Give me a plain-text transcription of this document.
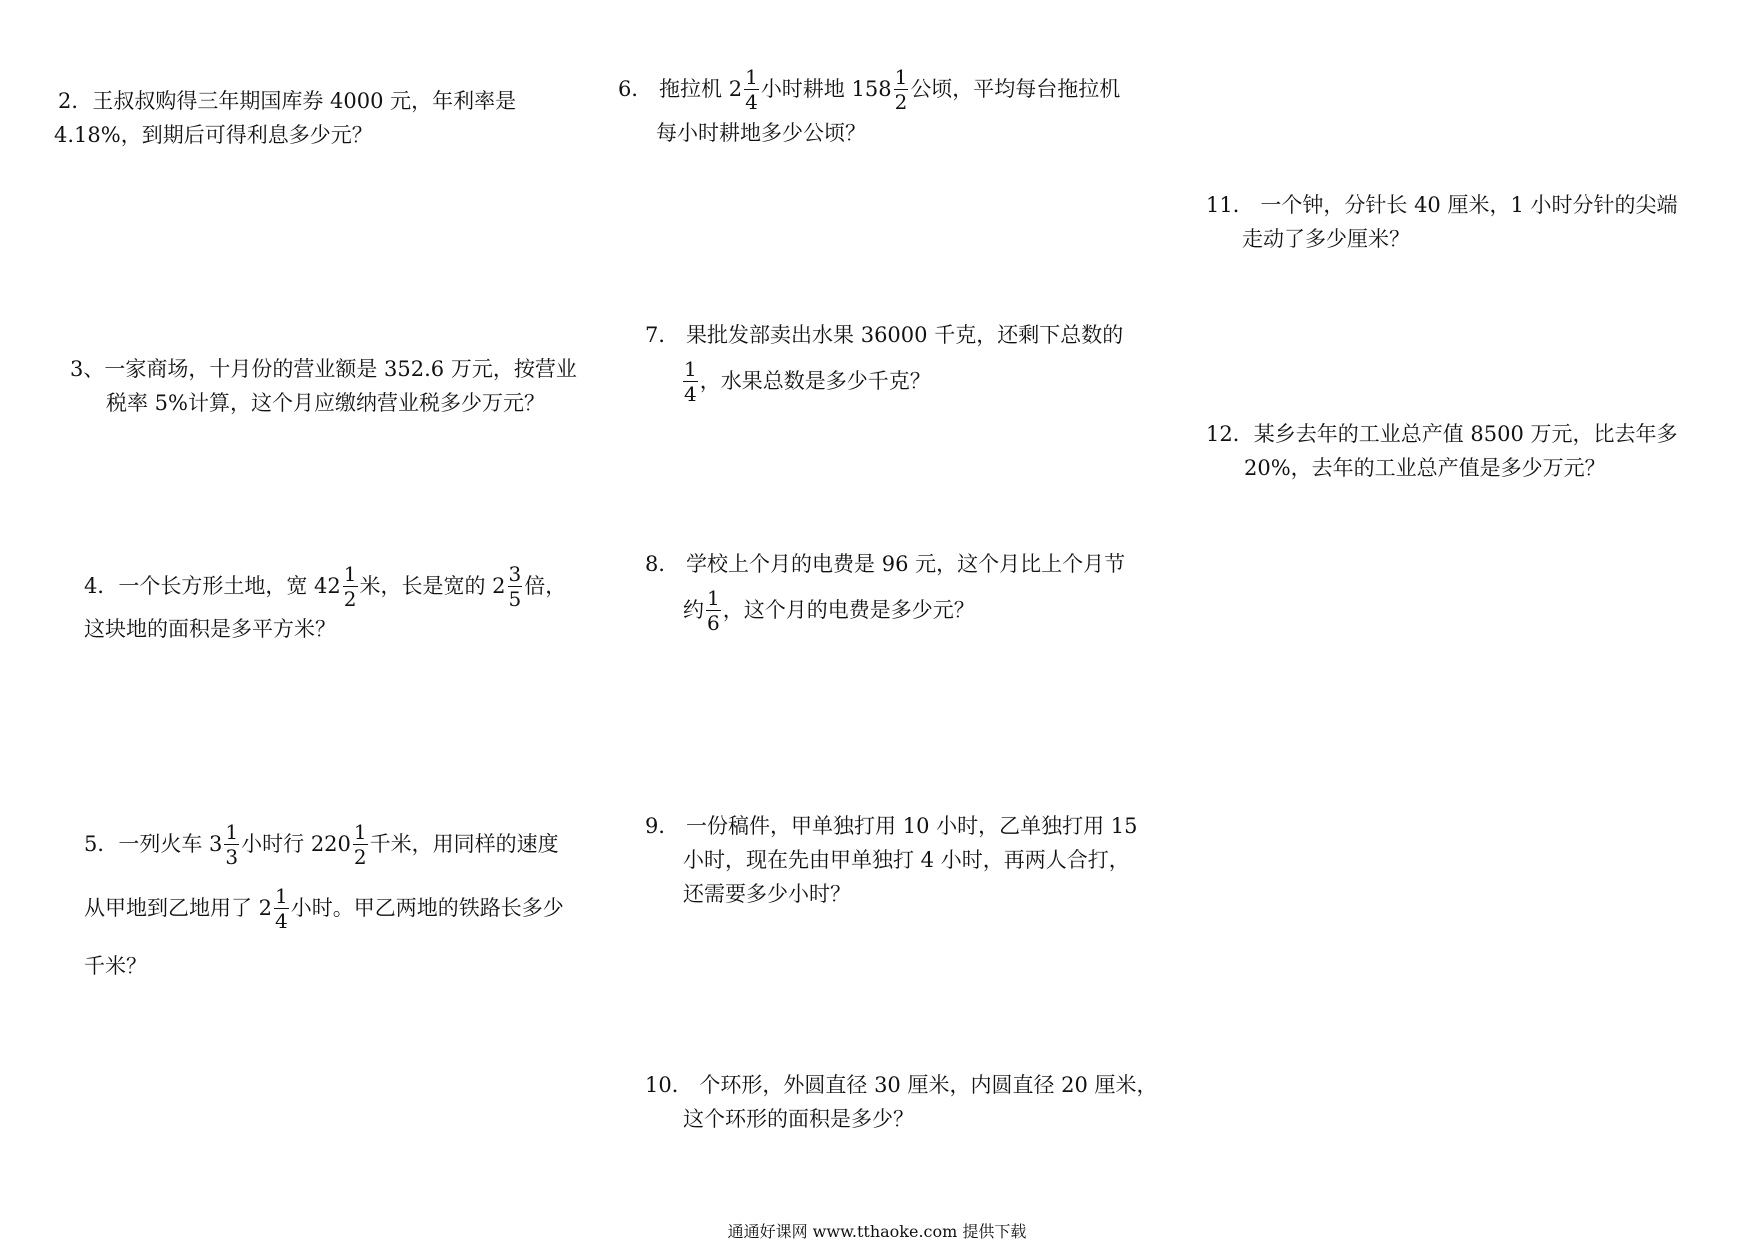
2．王叔叔购得三年期国库券 4000 元，年利率是
4.18%，到期后可得利息多少元？
3、一家商场，十月份的营业额是 352.6 万元，按营业
税率 5%计算，这个月应缴纳营业税多少万元？
4．一个长方形土地，宽 $42 \frac{1}{2}$ 米，长是宽的 $2 \frac{3}{5}$ 倍，
这块地的面积是多平方米？
5．一列火车 $3 \frac{1}{3}$ 小时行 $220 \frac{1}{2}$ 千米，用同样的速度
从甲地到乙地用了 $2 \frac{1}{4}$ 小时。甲乙两地的铁路长多少
千米？
6． 拖拉机 $2 \frac{1}{4}$ 小时耕地 $158 \frac{1}{2}$ 公顷，平均每台拖拉机
每小时耕地多少公顷？
7． 果批发部卖出水果 36000 千克，还剩下总数的
$\frac{1}{4}$ ，水果总数是多少千克？
8． 学校上个月的电费是 96 元，这个月比上个月节
约 $\frac{1}{6}$ ，这个月的电费是多少元？
9． 一份稿件，甲单独打用 10 小时，乙单独打用 15
小时，现在先由甲单独打 4 小时，再两人合打，
还需要多少小时？
10． 个环形，外圆直径 30 厘米，内圆直径 20 厘米，
这个环形的面积是多少？
11． 一个钟，分针长 40 厘米，1 小时分针的尖端
走动了多少厘米？
12．某乡去年的工业总产值 8500 万元，比去年多
20%，去年的工业总产值是多少万元？
通通好课网 www.tthaoke.com 提供下载
